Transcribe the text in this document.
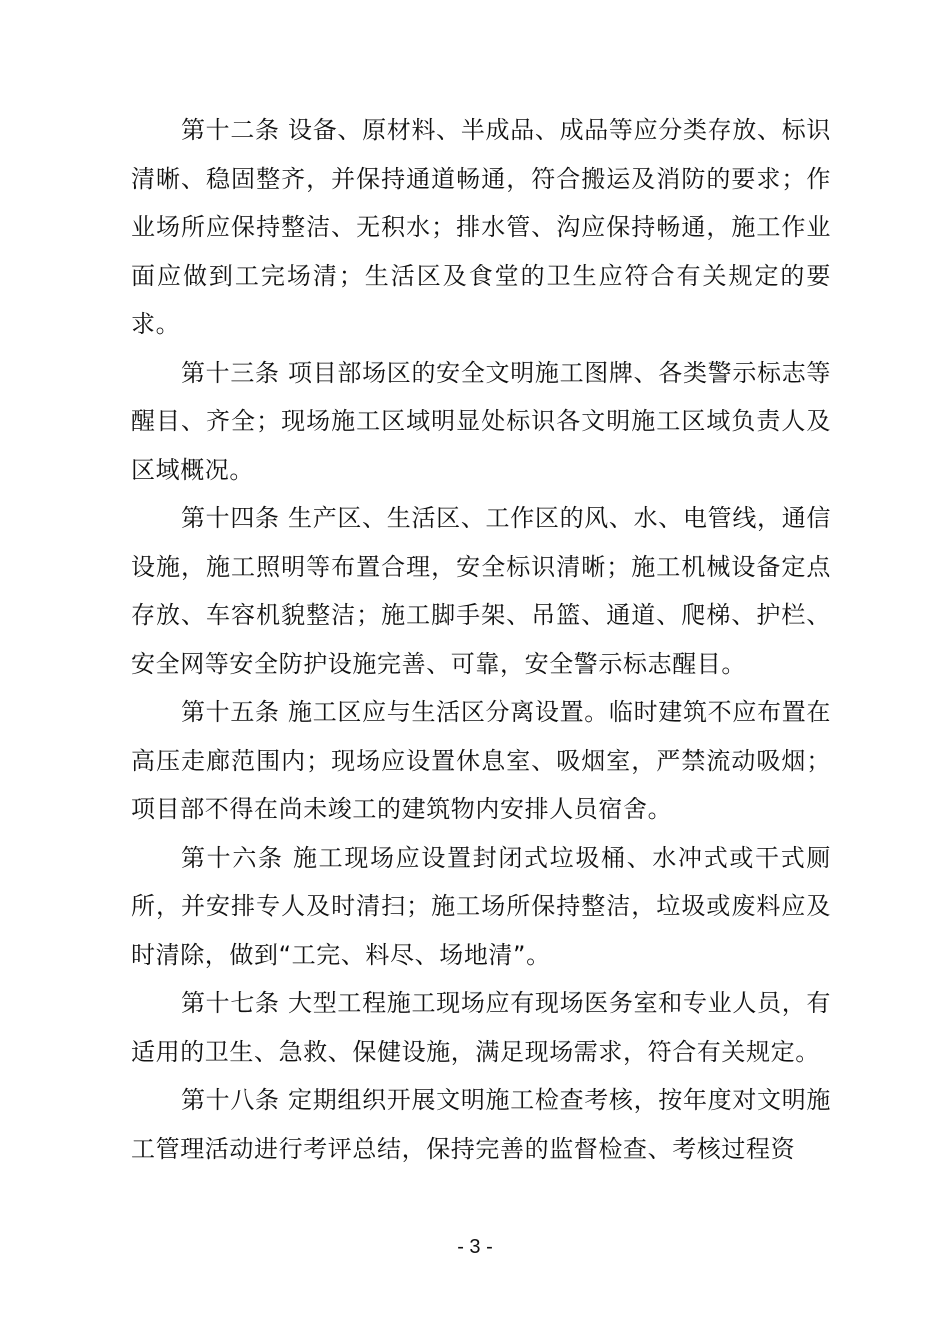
第十二条 设备、原材料、半成品、成品等应分类存放、标识清晰、稳固整齐，并保持通道畅通，符合搬运及消防的要求；作业场所应保持整洁、无积水；排水管、沟应保持畅通，施工作业面应做到工完场清；生活区及食堂的卫生应符合有关规定的要求。

第十三条 项目部场区的安全文明施工图牌、各类警示标志等醒目、齐全；现场施工区域明显处标识各文明施工区域负责人及区域概况。

第十四条 生产区、生活区、工作区的风、水、电管线，通信设施，施工照明等布置合理，安全标识清晰；施工机械设备定点存放、车容机貌整洁；施工脚手架、吊篮、通道、爬梯、护栏、安全网等安全防护设施完善、可靠，安全警示标志醒目。

第十五条 施工区应与生活区分离设置。临时建筑不应布置在高压走廊范围内；现场应设置休息室、吸烟室，严禁流动吸烟；项目部不得在尚未竣工的建筑物内安排人员宿舍。

第十六条 施工现场应设置封闭式垃圾桶、水冲式或干式厕所，并安排专人及时清扫；施工场所保持整洁，垃圾或废料应及时清除，做到“工完、料尽、场地清”。

第十七条 大型工程施工现场应有现场医务室和专业人员，有适用的卫生、急救、保健设施，满足现场需求，符合有关规定。

第十八条 定期组织开展文明施工检查考核，按年度对文明施工管理活动进行考评总结，保持完善的监督检查、考核过程资

- 3 -
